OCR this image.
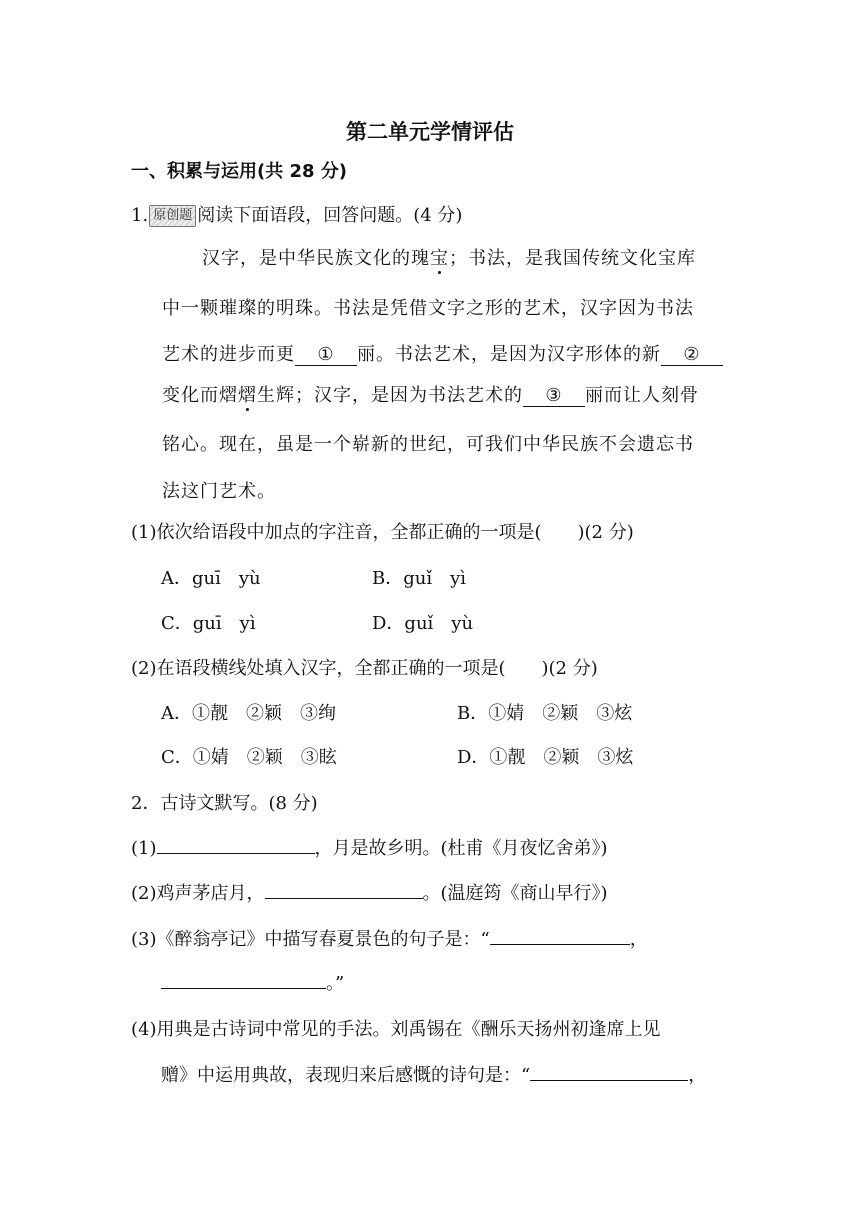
第二单元学情评估
一、积累与运用(共 28 分)
1. 原创题 阅读下面语段，回答问题。(4 分)
汉字，是中华民族文化的瑰宝；书法，是我国传统文化宝库
中一颗璀璨的明珠。书法是凭借文字之形的艺术，汉字因为书法
艺术的进步而更 ① 丽。书法艺术，是因为汉字形体的新 ②
变化而熠熠生辉；汉字，是因为书法艺术的 ③ 丽而让人刻骨
铭心。现在，虽是一个崭新的世纪，可我们中华民族不会遗忘书
法这门艺术。
(1)依次给语段中加点的字注音，全都正确的一项是(　　)(2 分)
A．guī　yù	B．guǐ　yì
C．guī　yì	D．guǐ　yù
(2)在语段横线处填入汉字，全都正确的一项是(　　)(2 分)
A．①靓　②颖　③绚	B．①婧　②颖　③炫
C．①婧　②颖　③眩	D．①靓　②颖　③炫
2．古诗文默写。(8 分)
(1)	，月是故乡明。(杜甫《月夜忆舍弟》)
(2)鸡声茅店月，	。(温庭筠《商山早行》)
(3)《醉翁亭记》中描写春夏景色的句子是：“	，
。”
(4)用典是古诗词中常见的手法。刘禹锡在《酬乐天扬州初逢席上见
赠》中运用典故，表现归来后感慨的诗句是：“	，
